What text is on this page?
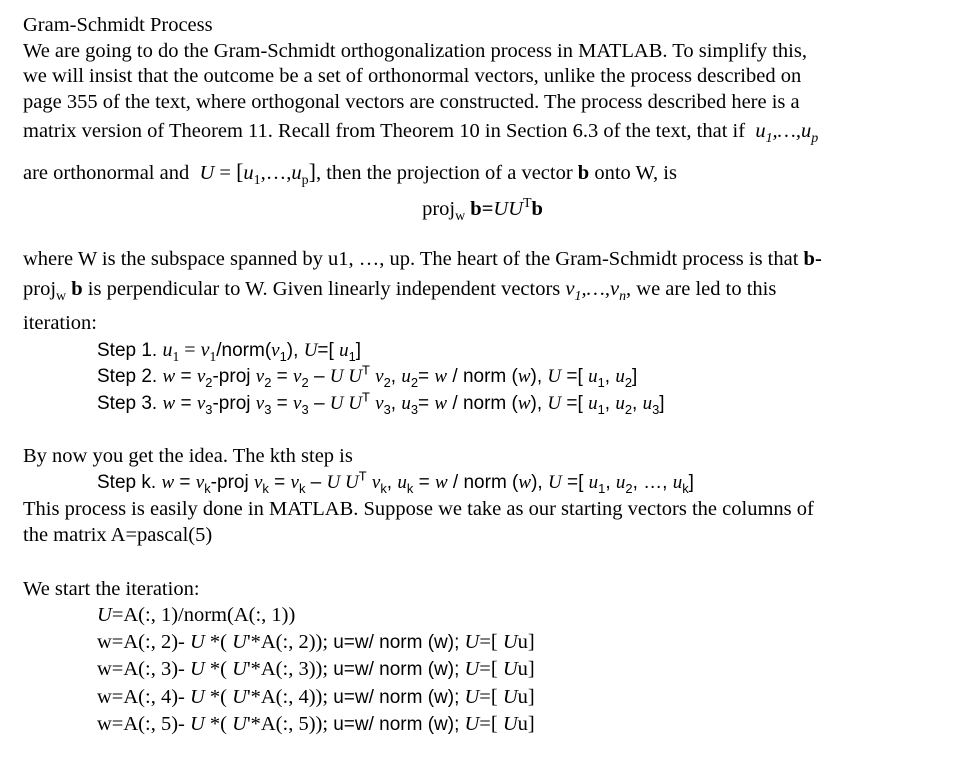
Gram-Schmidt Process
We are going to do the Gram-Schmidt orthogonalization process in MATLAB. To simplify this,
we will insist that the outcome be a set of orthonormal vectors, unlike the process described on
page 355 of the text, where orthogonal vectors are constructed. The process described here is a
matrix version of Theorem 11. Recall from Theorem 10 in Section 6.3 of the text, that if  $u_1,\dots,u_p$
are orthonormal and  $U = [u_1,\dots,u_p]$, then the projection of a vector b onto W, is
proj$_w$ $b=UU^Tb$
where W is the subspace spanned by u1, …, up. The heart of the Gram-Schmidt process is that b-
proj$_w$ b is perpendicular to W. Given linearly independent vectors $v_1,\dots,v_n$, we are led to this
iteration:
Step 1. $u_1$ = $v_1/norm(v_1)$, U=[ $u_1$]
Step 2. $w = v_2$-proj $v_2 = v_2 - U$ $U^T$ $v_2$, $u_2= w$ / norm (w), U =[ $u_1$, $u_2$]
Step 3. $w = v_3$-proj $v_3 = v_3 - U$ $U^T$ $v_3$, $u_3= w$ / norm (w), U =[ $u_1$, $u_2$, $u_3$]
By now you get the idea. The kth step is
Step k. $w = v_k$-proj $v_k = v_k - U$ $U^T$ $v_k$, $u_k = w$ / norm (w), U =[ $u_1$, $u_2$, …, $u_k$]
This process is easily done in MATLAB. Suppose we take as our starting vectors the columns of
the matrix A=pascal(5)
We start the iteration:
U=A(:, 1)/norm(A(:, 1))
w=A(:, 2)- U *( U'*A(:, 2)); u=w/ norm (w); U=[ Uu]
w=A(:, 3)- U *( U'*A(:, 3)); u=w/ norm (w); U=[ Uu]
w=A(:, 4)- U *( U'*A(:, 4)); u=w/ norm (w); U=[ Uu]
w=A(:, 5)- U *( U'*A(:, 5)); u=w/ norm (w); U=[ Uu]
